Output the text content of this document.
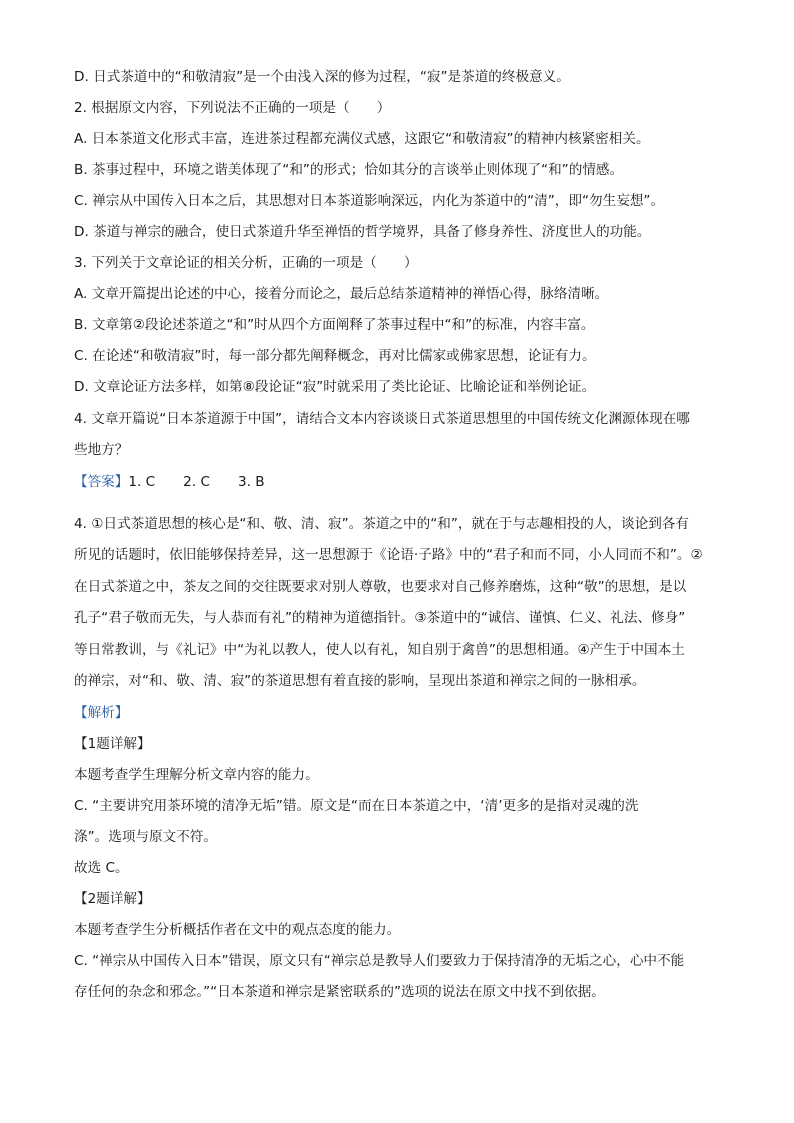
D. 日式茶道中的“和敬清寂”是一个由浅入深的修为过程，“寂”是茶道的终极意义。
2. 根据原文内容，下列说法不正确的一项是（　　）
A. 日本茶道文化形式丰富，连进茶过程都充满仪式感，这跟它“和敬清寂”的精神内核紧密相关。
B. 茶事过程中，环境之谐美体现了“和”的形式；恰如其分的言谈举止则体现了“和”的情感。
C. 禅宗从中国传入日本之后，其思想对日本茶道影响深远，内化为茶道中的“清”，即“勿生妄想”。
D. 茶道与禅宗的融合，使日式茶道升华至禅悟的哲学境界，具备了修身养性、济度世人的功能。
3. 下列关于文章论证的相关分析，正确的一项是（　　）
A. 文章开篇提出论述的中心，接着分而论之，最后总结茶道精神的禅悟心得，脉络清晰。
B. 文章第②段论述茶道之“和”时从四个方面阐释了茶事过程中“和”的标准，内容丰富。
C. 在论述“和敬清寂”时，每一部分都先阐释概念，再对比儒家或佛家思想，论证有力。
D. 文章论证方法多样，如第⑧段论证“寂”时就采用了类比论证、比喻论证和举例论证。
4. 文章开篇说“日本茶道源于中国”，请结合文本内容谈谈日式茶道思想里的中国传统文化渊源体现在哪
些地方？
【答案】1. C 2. C 3. B
4. ①日式茶道思想的核心是“和、敬、清、寂”。茶道之中的“和”，就在于与志趣相投的人，谈论到各有
所见的话题时，依旧能够保持差异，这一思想源于《论语·子路》中的“君子和而不同，小人同而不和”。②
在日式茶道之中，茶友之间的交往既要求对别人尊敬，也要求对自己修养磨炼，这种“敬”的思想，是以
孔子“君子敬而无失，与人恭而有礼”的精神为道德指针。③茶道中的“诚信、谨慎、仁义、礼法、修身”
等日常教训，与《礼记》中“为礼以教人，使人以有礼，知自别于禽兽”的思想相通。④产生于中国本土
的禅宗，对“和、敬、清、寂”的茶道思想有着直接的影响，呈现出茶道和禅宗之间的一脉相承。
【解析】
【1题详解】
本题考查学生理解分析文章内容的能力。
C. “主要讲究用茶环境的清净无垢”错。原文是“而在日本茶道之中，‘清’更多的是指对灵魂的洗
涤”。选项与原文不符。
故选 C。
【2题详解】
本题考查学生分析概括作者在文中的观点态度的能力。
C. “禅宗从中国传入日本”错误，原文只有“禅宗总是教导人们要致力于保持清净的无垢之心，心中不能
存任何的杂念和邪念。”“日本茶道和禅宗是紧密联系的”选项的说法在原文中找不到依据。
